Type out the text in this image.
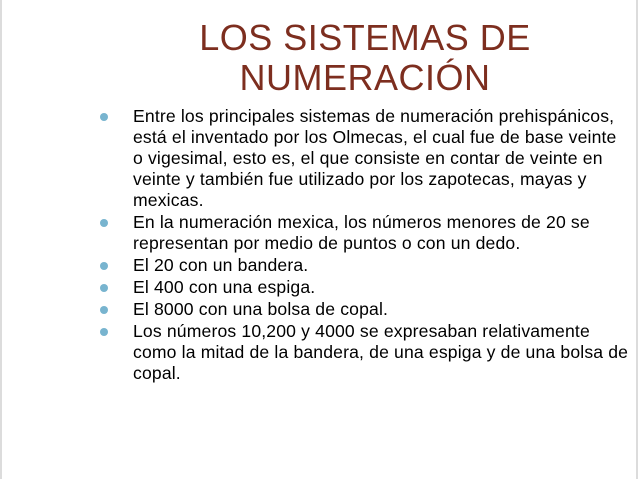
LOS SISTEMAS DE
NUMERACIÓN
Entre los principales sistemas de numeración prehispánicos, está el inventado por los Olmecas, el cual fue de base veinte o vigesimal, esto es, el que consiste en contar de veinte en veinte y también fue utilizado por los zapotecas, mayas y mexicas.
En la numeración mexica, los números menores de 20 se representan por medio de puntos o con un dedo.
El 20 con un bandera.
El 400 con una espiga.
El 8000 con una bolsa de copal.
Los números 10,200 y 4000 se expresaban relativamente como la mitad de la bandera, de una espiga y de una bolsa de copal.
